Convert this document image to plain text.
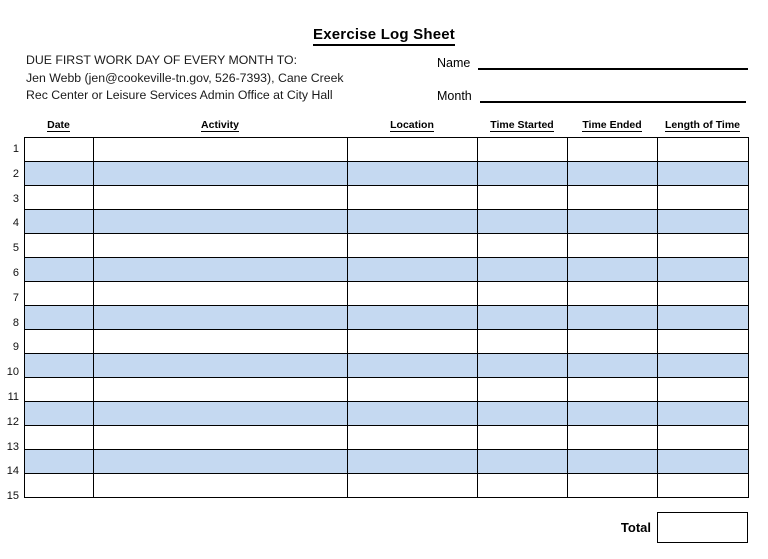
Exercise Log Sheet
DUE FIRST WORK DAY OF EVERY MONTH TO:
Jen Webb (jen@cookeville-tn.gov, 526-7393), Cane Creek
Rec Center or Leisure Services Admin Office at City Hall
Name
Month
Date	Activity	Location	Time Started	Time Ended	Length of Time
1
2
3
4
5
6
7
8
9
10
11
12
13
14
15

Total
